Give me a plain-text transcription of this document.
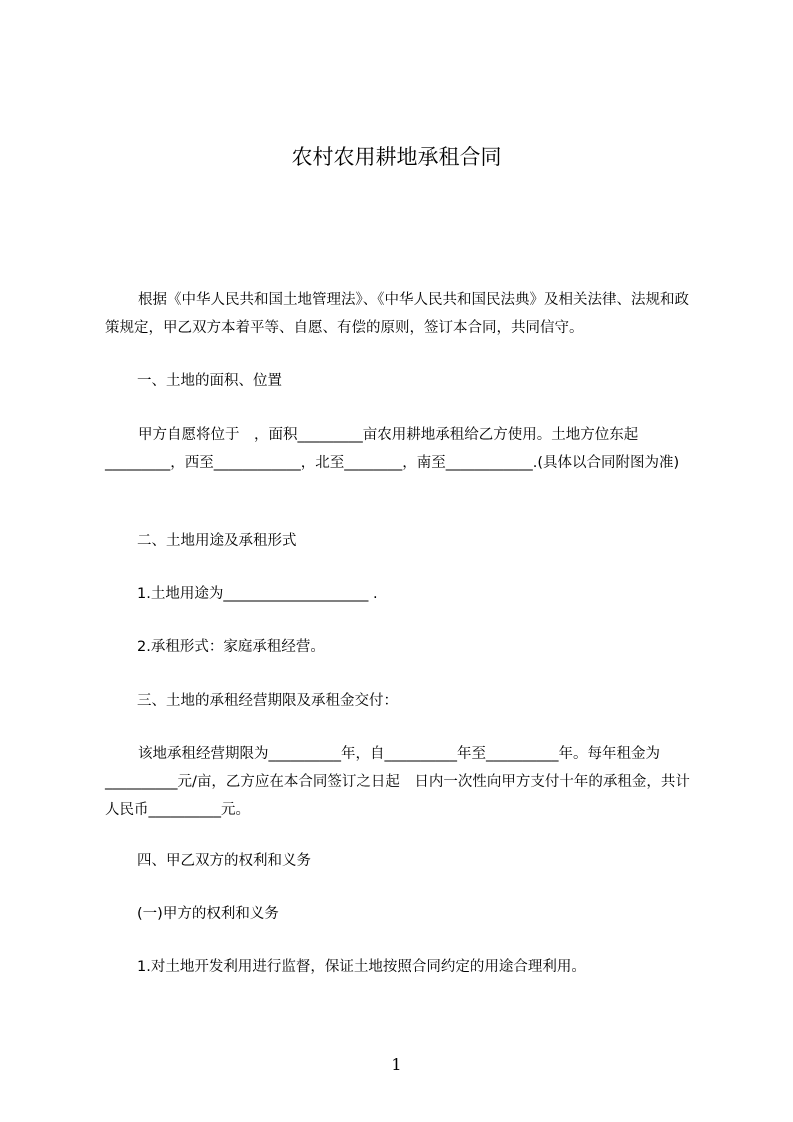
农村农用耕地承租合同

根据《中华人民共和国土地管理法》、《中华人民共和国民法典》及相关法律、法规和政策规定，甲乙双方本着平等、自愿、有偿的原则，签订本合同，共同信守。

一、土地的面积、位置

甲方自愿将位于　，面积_________亩农用耕地承租给乙方使用。土地方位东起_________，西至____________，北至________，南至____________.(具体以合同附图为准)

二、土地用途及承租形式
1.土地用途为____________________ .
2.承租形式：家庭承租经营。
三、土地的承租经营期限及承租金交付：

该地承租经营期限为__________年，自__________年至__________年。每年租金为__________元/亩，乙方应在本合同签订之日起　日内一次性向甲方支付十年的承租金，共计人民币__________元。

四、甲乙双方的权利和义务
(一)甲方的权利和义务
1.对土地开发利用进行监督，保证土地按照合同约定的用途合理利用。
1
